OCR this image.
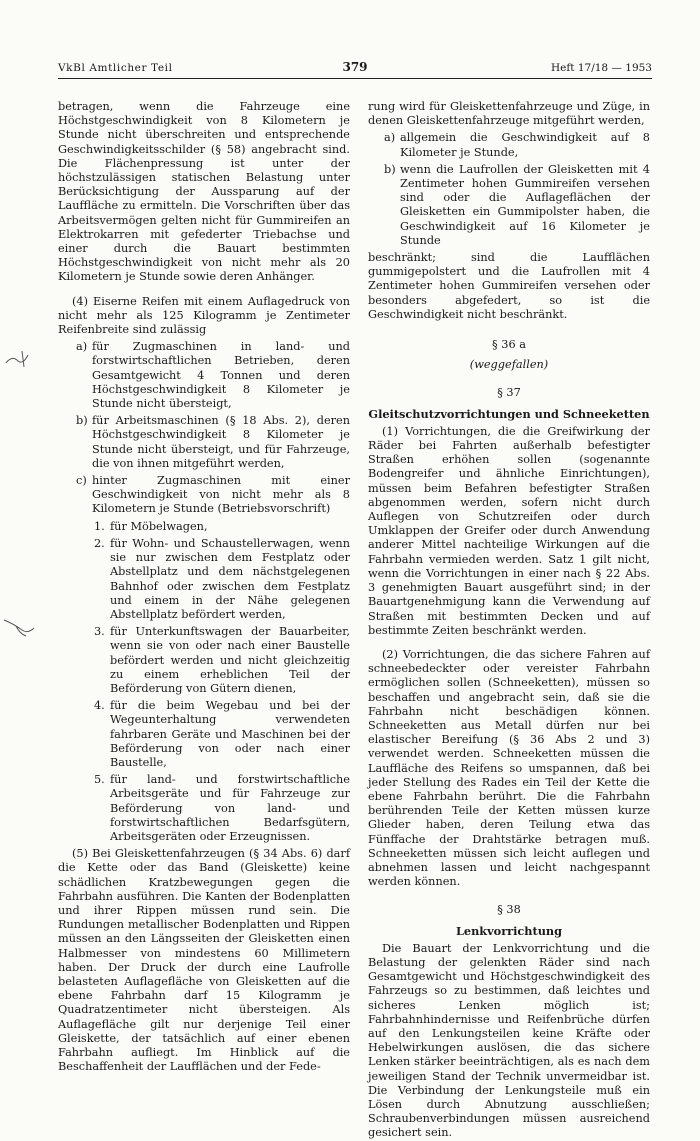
VkBl Amtlicher Teil	379	Heft 17/18 — 1953

betragen, wenn die Fahrzeuge eine Höchstgeschwindigkeit von 8 Kilometern je Stunde nicht überschreiten und entsprechende Geschwindigkeitsschilder (§ 58) angebracht sind. Die Flächenpressung ist unter der höchstzulässigen statischen Belastung unter Berücksichtigung der Aussparung auf der Lauffläche zu ermitteln. Die Vorschriften über das Arbeitsvermögen gelten nicht für Gummireifen an Elektrokarren mit gefederter Triebachse und einer durch die Bauart bestimmten Höchstgeschwindigkeit von nicht mehr als 20 Kilometern je Stunde sowie deren Anhänger.

(4) Eiserne Reifen mit einem Auflagedruck von nicht mehr als 125 Kilogramm je Zentimeter Reifenbreite sind zulässig

a) für Zugmaschinen in land- und forstwirtschaftlichen Betrieben, deren Gesamtgewicht 4 Tonnen und deren Höchstgeschwindigkeit 8 Kilometer je Stunde nicht übersteigt,
b) für Arbeitsmaschinen (§ 18 Abs. 2), deren Höchstgeschwindigkeit 8 Kilometer je Stunde nicht übersteigt, und für Fahrzeuge, die von ihnen mitgeführt werden,
c) hinter Zugmaschinen mit einer Geschwindigkeit von nicht mehr als 8 Kilometern je Stunde (Betriebsvorschrift)
1. für Möbelwagen,
2. für Wohn- und Schaustellerwagen, wenn sie nur zwischen dem Festplatz oder Abstellplatz und dem nächstgelegenen Bahnhof oder zwischen dem Festplatz und einem in der Nähe gelegenen Abstellplatz befördert werden,
3. für Unterkunftswagen der Bauarbeiter, wenn sie von oder nach einer Baustelle befördert werden und nicht gleichzeitig zu einem erheblichen Teil der Beförderung von Gütern dienen,
4. für die beim Wegebau und bei der Wegeunterhaltung verwendeten fahrbaren Geräte und Maschinen bei der Beförderung von oder nach einer Baustelle,
5. für land- und forstwirtschaftliche Arbeitsgeräte und für Fahrzeuge zur Beförderung von land- und forstwirtschaftlichen Bedarfsgütern, Arbeitsgeräten oder Erzeugnissen.

(5) Bei Gleiskettenfahrzeugen (§ 34 Abs. 6) darf die Kette oder das Band (Gleiskette) keine schädlichen Kratzbewegungen gegen die Fahrbahn ausführen. Die Kanten der Bodenplatten und ihrer Rippen müssen rund sein. Die Rundungen metallischer Bodenplatten und Rippen müssen an den Längsseiten der Gleisketten einen Halbmesser von mindestens 60 Millimetern haben. Der Druck der durch eine Laufrolle belasteten Auflagefläche von Gleisketten auf die ebene Fahrbahn darf 15 Kilogramm je Quadratzentimeter nicht übersteigen. Als Auflagefläche gilt nur derjenige Teil einer Gleiskette, der tatsächlich auf einer ebenen Fahrbahn aufliegt. Im Hinblick auf die Beschaffenheit der Laufflächen und der Fede-

rung wird für Gleiskettenfahrzeuge und Züge, in denen Gleiskettenfahrzeuge mitgeführt werden,

a) allgemein die Geschwindigkeit auf 8 Kilometer je Stunde,
b) wenn die Laufrollen der Gleisketten mit 4 Zentimeter hohen Gummireifen versehen sind oder die Auflageflächen der Gleisketten ein Gummipolster haben, die Geschwindigkeit auf 16 Kilometer je Stunde

beschränkt; sind die Laufflächen gummigepolstert und die Laufrollen mit 4 Zentimeter hohen Gummireifen versehen oder besonders abgefedert, so ist die Geschwindigkeit nicht beschränkt.

§ 36 a
(weggefallen)
§ 37
Gleitschutzvorrichtungen und Schneeketten

(1) Vorrichtungen, die die Greifwirkung der Räder bei Fahrten außerhalb befestigter Straßen erhöhen sollen (sogenannte Bodengreifer und ähnliche Einrichtungen), müssen beim Befahren befestigter Straßen abgenommen werden, sofern nicht durch Auflegen von Schutzreifen oder durch Umklappen der Greifer oder durch Anwendung anderer Mittel nachteilige Wirkungen auf die Fahrbahn vermieden werden. Satz 1 gilt nicht, wenn die Vorrichtungen in einer nach § 22 Abs. 3 genehmigten Bauart ausgeführt sind; in der Bauartgenehmigung kann die Verwendung auf Straßen mit bestimmten Decken und auf bestimmte Zeiten beschränkt werden.

(2) Vorrichtungen, die das sichere Fahren auf schneebedeckter oder vereister Fahrbahn ermöglichen sollen (Schneeketten), müssen so beschaffen und angebracht sein, daß sie die Fahrbahn nicht beschädigen können. Schneeketten aus Metall dürfen nur bei elastischer Bereifung (§ 36 Abs 2 und 3) verwendet werden. Schneeketten müssen die Lauffläche des Reifens so umspannen, daß bei jeder Stellung des Rades ein Teil der Kette die ebene Fahrbahn berührt. Die die Fahrbahn berührenden Teile der Ketten müssen kurze Glieder haben, deren Teilung etwa das Fünffache der Drahtstärke betragen muß. Schneeketten müssen sich leicht auflegen und abnehmen lassen und leicht nachgespannt werden können.

§ 38
Lenkvorrichtung

Die Bauart der Lenkvorrichtung und die Belastung der gelenkten Räder sind nach Gesamtgewicht und Höchstgeschwindigkeit des Fahrzeugs so zu bestimmen, daß leichtes und sicheres Lenken möglich ist; Fahrbahnhindernisse und Reifenbrüche dürfen auf den Lenkungsteilen keine Kräfte oder Hebelwirkungen auslösen, die das sichere Lenken stärker beeinträchtigen, als es nach dem jeweiligen Stand der Technik unvermeidbar ist. Die Verbindung der Lenkungsteile muß ein Lösen durch Abnutzung ausschließen; Schraubenverbindungen müssen ausreichend gesichert sein.
